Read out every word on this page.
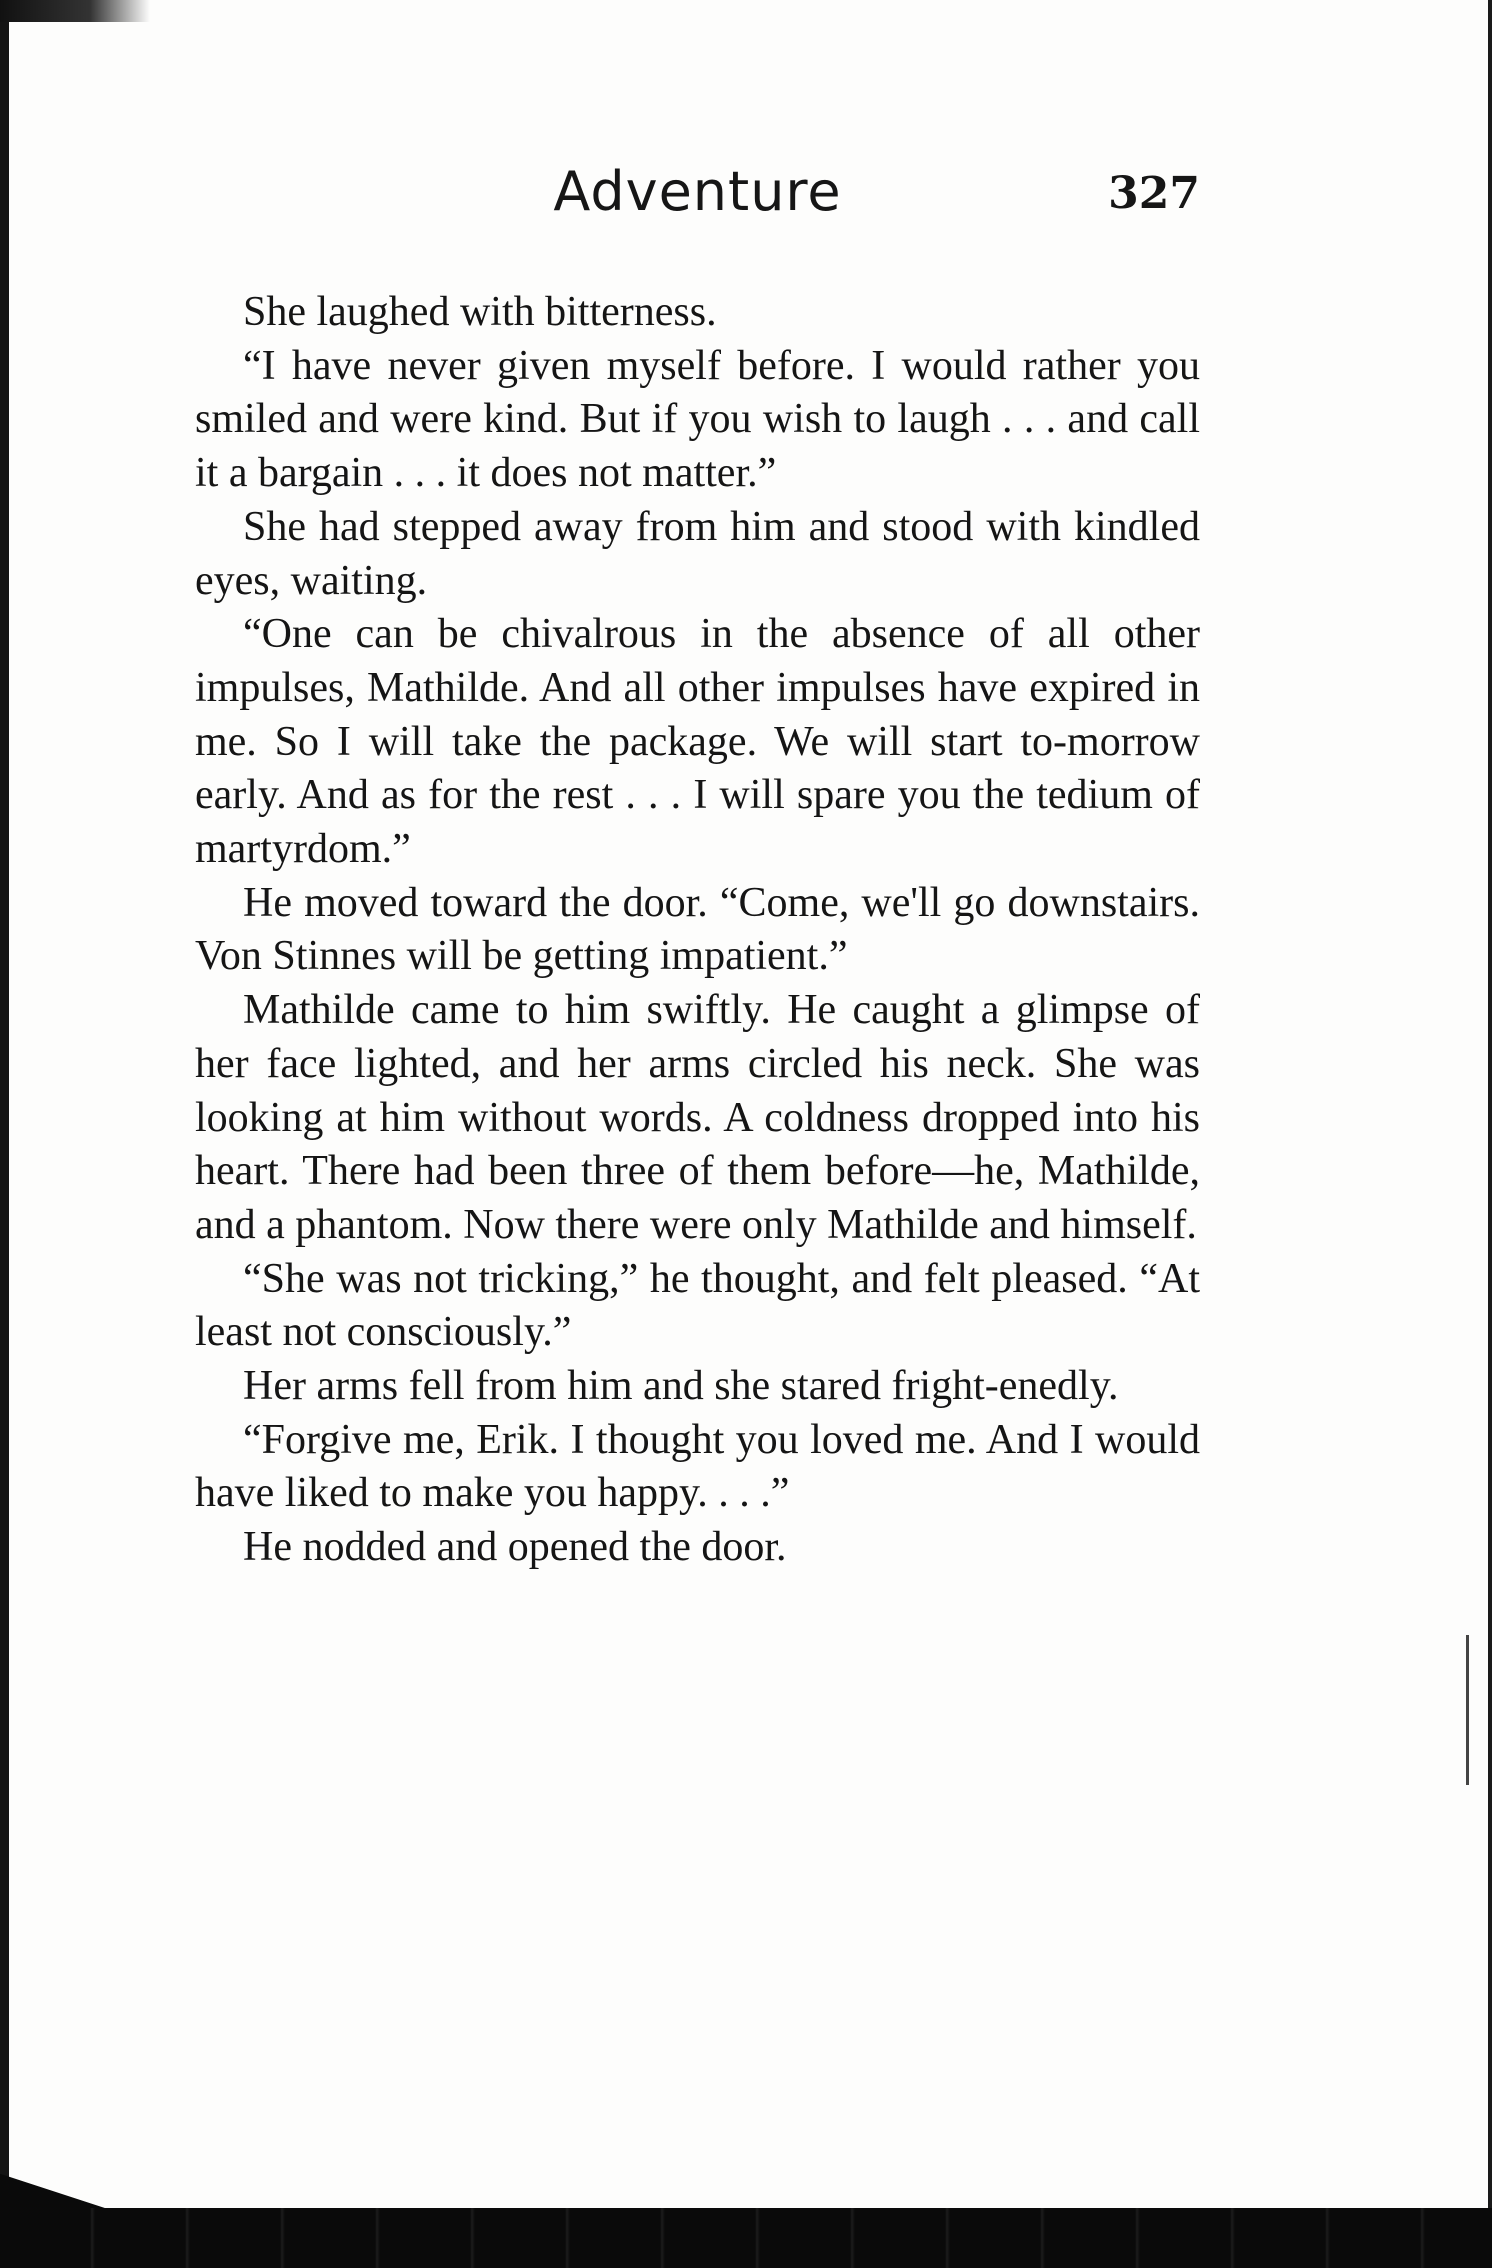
Adventure	327

She laughed with bitterness.

“I have never given myself before. I would rather you smiled and were kind. But if you wish to laugh . . . and call it a bargain . . . it does not matter.”

She had stepped away from him and stood with kindled eyes, waiting.

“One can be chivalrous in the absence of all other impulses, Mathilde. And all other impulses have expired in me. So I will take the package. We will start to-morrow early. And as for the rest . . . I will spare you the tedium of martyrdom.”

He moved toward the door. “Come, we'll go downstairs. Von Stinnes will be getting impatient.”

Mathilde came to him swiftly. He caught a glimpse of her face lighted, and her arms circled his neck. She was looking at him without words. A coldness dropped into his heart. There had been three of them before—he, Mathilde, and a phantom. Now there were only Mathilde and himself.

“She was not tricking,” he thought, and felt pleased. “At least not consciously.”

Her arms fell from him and she stared fright-enedly.

“Forgive me, Erik. I thought you loved me. And I would have liked to make you happy. . . .”

He nodded and opened the door.
